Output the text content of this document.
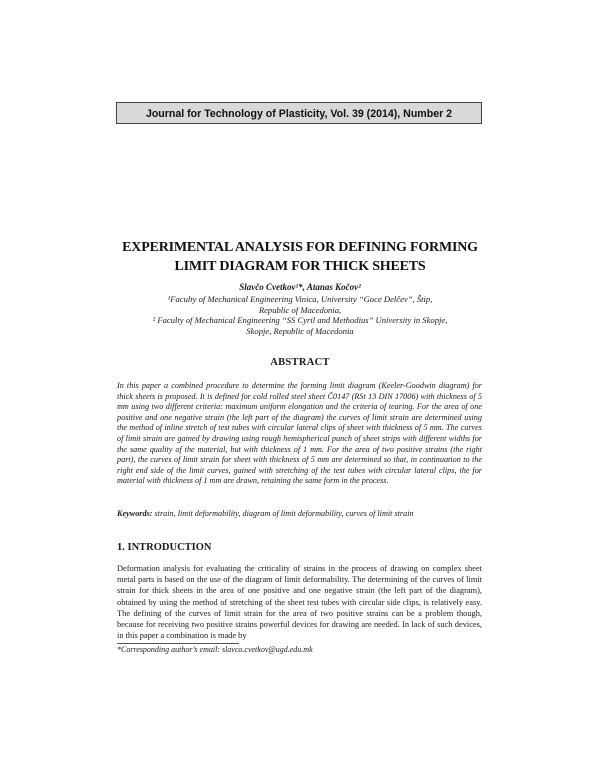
Journal for Technology of Plasticity, Vol. 39 (2014), Number 2
EXPERIMENTAL ANALYSIS FOR DEFINING FORMING
LIMIT DIAGRAM FOR THICK SHEETS
Slavčo Cvetkov¹*, Atanas Kočov²
¹Faculty of Mechanical Engineering Vinica, University “Goce Delčev”, Štip,
Republic of Macedonia,
² Faculty of Mechanical Engineering “SS Cyril and Methodius” University in Skopje,
Skopje, Republic of Macedonia
ABSTRACT
In this paper a combined procedure to determine the forming limit diagram (Keeler-Goodwin diagram) for thick sheets is proposed. It is defined for cold rolled steel sheet Č0147 (RSt 13 DIN 17006) with thickness of 5 mm using two different criteria: maximum uniform elongation and the criteria of tearing. For the area of one positive and one negative strain (the left part of the diagram) the curves of limit strain are determined using the method of inline stretch of test tubes with circular lateral clips of sheet with thickness of 5 mm. The curves of limit strain are gained by drawing using rough hemispherical punch of sheet strips with different widths for the same quality of the material, but with thickness of 1 mm. For the area of two positive strains (the right part), the curves of limit strain for sheet with thickness of 5 mm are determined so that, in continuation to the right end side of the limit curves, gained with stretching of the test tubes with circular lateral clips, the for material with thickness of 1 mm are drawn, retaining the same form in the process.
Keywords: strain, limit deformability, diagram of limit deformability, curves of limit strain
1. INTRODUCTION
Deformation analysis for evaluating the criticality of strains in the process of drawing on complex sheet metal parts is based on the use of the diagram of limit deformability. The determining of the curves of limit strain for thick sheets in the area of one positive and one negative strain (the left part of the diagram), obtained by using the method of stretching of the sheet test tubes with circular side clips, is relatively easy. The defining of the curves of limit strain for the area of two positive strains can be a problem though, because for receiving two positive strains powerful devices for drawing are needed. In lack of such devices, in this paper a combination is made by
*Corresponding author’s email: slavco.cvetkov@ugd.edu.mk
